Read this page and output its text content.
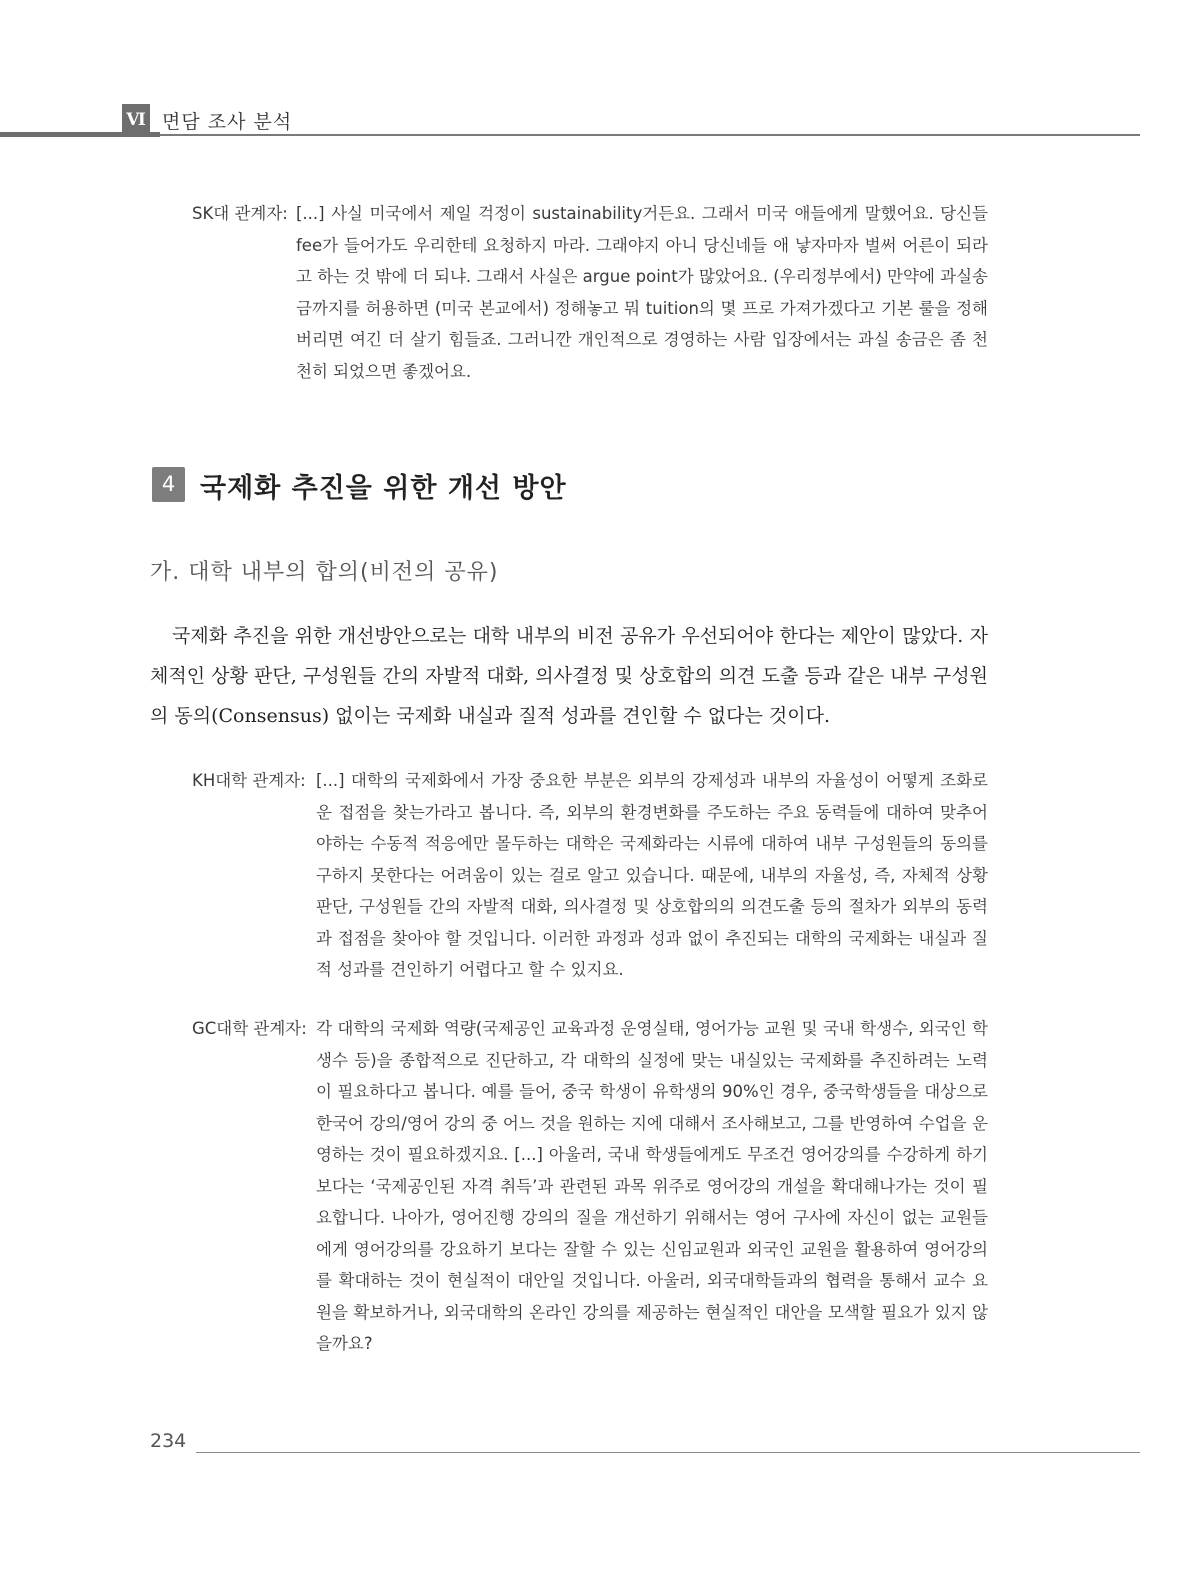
Ⅵ 면담 조사 분석
SK대 관계자: [...] 사실 미국에서 제일 걱정이 sustainability거든요. 그래서 미국 애들에게 말했어요. 당신들 fee가 들어가도 우리한테 요청하지 마라. 그래야지 아니 당신네들 애 낳자마자 벌써 어른이 되라고 하는 것 밖에 더 되냐. 그래서 사실은 argue point가 많았어요. (우리정부에서) 만약에 과실송금까지를 허용하면 (미국 본교에서) 정해놓고 뭐 tuition의 몇 프로 가져가겠다고 기본 룰을 정해버리면 여긴 더 살기 힘들죠. 그러니깐 개인적으로 경영하는 사람 입장에서는 과실 송금은 좀 천천히 되었으면 좋겠어요.
4 국제화 추진을 위한 개선 방안
가. 대학 내부의 합의(비전의 공유)
국제화 추진을 위한 개선방안으로는 대학 내부의 비전 공유가 우선되어야 한다는 제안이 많았다. 자체적인 상황 판단, 구성원들 간의 자발적 대화, 의사결정 및 상호합의 의견 도출 등과 같은 내부 구성원의 동의(Consensus) 없이는 국제화 내실과 질적 성과를 견인할 수 없다는 것이다.
KH대학 관계자: [...] 대학의 국제화에서 가장 중요한 부분은 외부의 강제성과 내부의 자율성이 어떻게 조화로운 접점을 찾는가라고 봅니다. 즉, 외부의 환경변화를 주도하는 주요 동력들에 대하여 맞추어야하는 수동적 적응에만 몰두하는 대학은 국제화라는 시류에 대하여 내부 구성원들의 동의를 구하지 못한다는 어려움이 있는 걸로 알고 있습니다. 때문에, 내부의 자율성, 즉, 자체적 상황 판단, 구성원들 간의 자발적 대화, 의사결정 및 상호합의의 의견도출 등의 절차가 외부의 동력과 접점을 찾아야 할 것입니다. 이러한 과정과 성과 없이 추진되는 대학의 국제화는 내실과 질적 성과를 견인하기 어렵다고 할 수 있지요.
GC대학 관계자: 각 대학의 국제화 역량(국제공인 교육과정 운영실태, 영어가능 교원 및 국내 학생수, 외국인 학생수 등)을 종합적으로 진단하고, 각 대학의 실정에 맞는 내실있는 국제화를 추진하려는 노력이 필요하다고 봅니다. 예를 들어, 중국 학생이 유학생의 90%인 경우, 중국학생들을 대상으로 한국어 강의/영어 강의 중 어느 것을 원하는 지에 대해서 조사해보고, 그를 반영하여 수업을 운영하는 것이 필요하겠지요. [...] 아울러, 국내 학생들에게도 무조건 영어강의를 수강하게 하기 보다는 ‘국제공인된 자격 취득’과 관련된 과목 위주로 영어강의 개설을 확대해나가는 것이 필요합니다. 나아가, 영어진행 강의의 질을 개선하기 위해서는 영어 구사에 자신이 없는 교원들에게 영어강의를 강요하기 보다는 잘할 수 있는 신임교원과 외국인 교원을 활용하여 영어강의를 확대하는 것이 현실적이 대안일 것입니다. 아울러, 외국대학들과의 협력을 통해서 교수 요원을 확보하거나, 외국대학의 온라인 강의를 제공하는 현실적인 대안을 모색할 필요가 있지 않을까요?
234
